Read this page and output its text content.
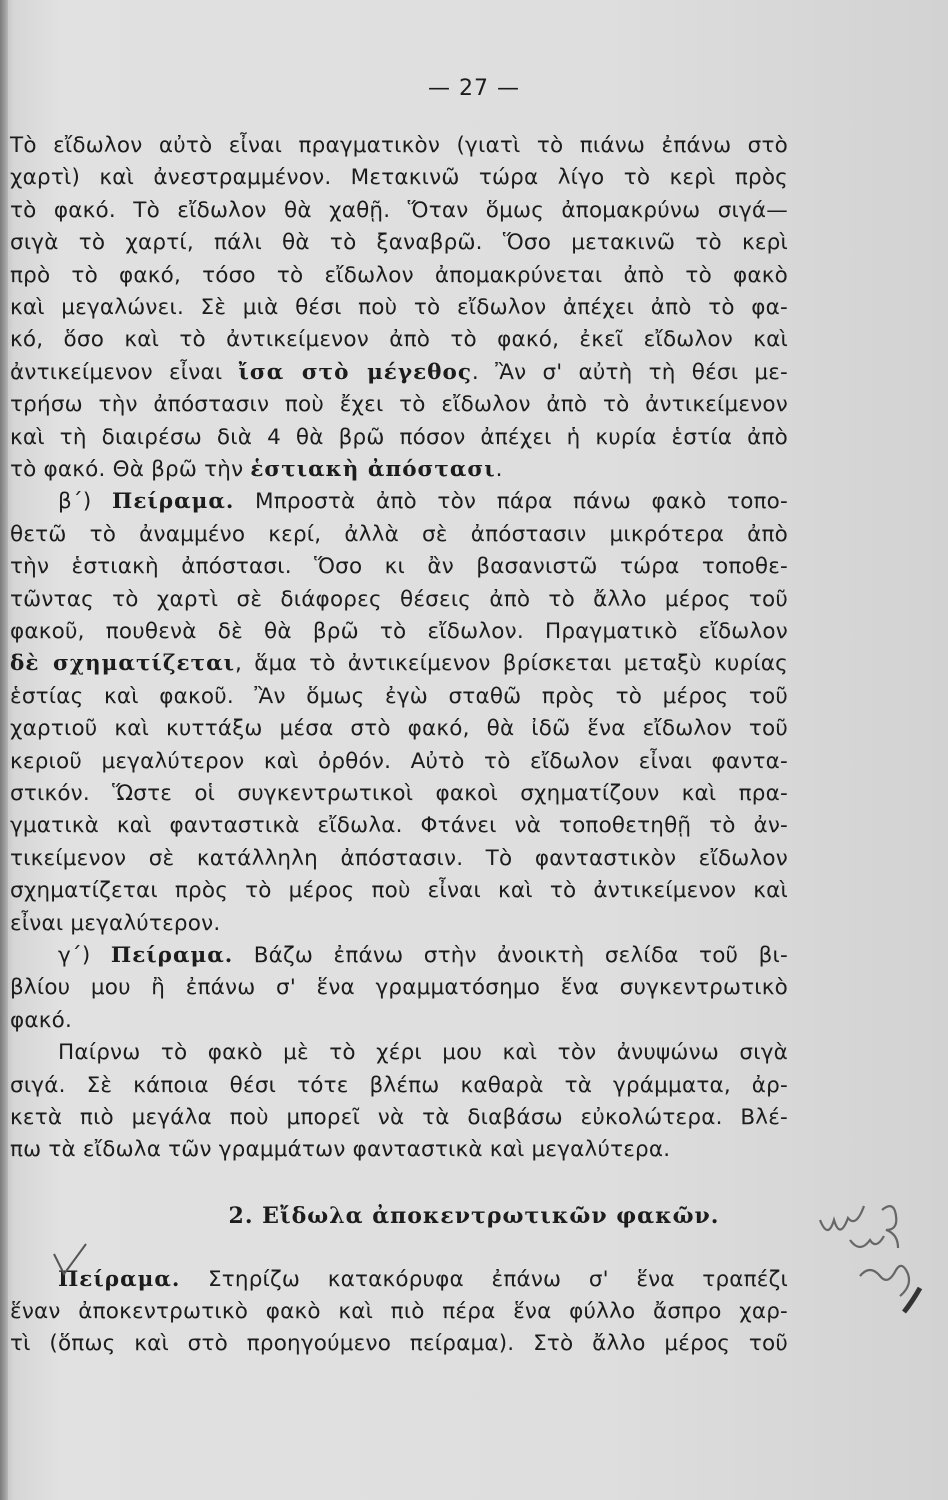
— 27 —
Τὸ εἴδωλον αὐτὸ εἶναι πραγματικὸν (γιατὶ τὸ πιάνω ἐπάνω στὸ
χαρτὶ) καὶ ἀνεστραμμένον. Μετακινῶ τώρα λίγο τὸ κερὶ πρὸς
τὸ φακό. Τὸ εἴδωλον θὰ χαθῇ. Ὅταν ὅμως ἀπομακρύνω σιγά—
σιγὰ τὸ χαρτί, πάλι θὰ τὸ ξαναβρῶ. Ὅσο μετακινῶ τὸ κερὶ
πρὸ τὸ φακό, τόσο τὸ εἴδωλον ἀπομακρύνεται ἀπὸ τὸ φακὸ
καὶ μεγαλώνει. Σὲ μιὰ θέσι ποὺ τὸ εἴδωλον ἀπέχει ἀπὸ τὸ φα-
κό, ὅσο καὶ τὸ ἀντικείμενον ἀπὸ τὸ φακό, ἐκεῖ εἴδωλον καὶ
ἀντικείμενον εἶναι ἴσα στὸ μέγεθος. Ἂν σ' αὐτὴ τὴ θέσι με-
τρήσω τὴν ἀπόστασιν ποὺ ἔχει τὸ εἴδωλον ἀπὸ τὸ ἀντικείμενον
καὶ τὴ διαιρέσω διὰ 4 θὰ βρῶ πόσον ἀπέχει ἡ κυρία ἑστία ἀπὸ
τὸ φακό. Θὰ βρῶ τὴν ἑστιακὴ ἀπόστασι.
β΄) Πείραμα. Μπροστὰ ἀπὸ τὸν πάρα πάνω φακὸ τοπο-
θετῶ τὸ ἀναμμένο κερί, ἀλλὰ σὲ ἀπόστασιν μικρότερα ἀπὸ
τὴν ἑστιακὴ ἀπόστασι. Ὅσο κι ἂν βασανιστῶ τώρα τοποθε-
τῶντας τὸ χαρτὶ σὲ διάφορες θέσεις ἀπὸ τὸ ἄλλο μέρος τοῦ
φακοῦ, πουθενὰ δὲ θὰ βρῶ τὸ εἴδωλον. Πραγματικὸ εἴδωλον
δὲ σχηματίζεται, ἅμα τὸ ἀντικείμενον βρίσκεται μεταξὺ κυρίας
ἑστίας καὶ φακοῦ. Ἂν ὅμως ἐγὼ σταθῶ πρὸς τὸ μέρος τοῦ
χαρτιοῦ καὶ κυττάξω μέσα στὸ φακό, θὰ ἰδῶ ἕνα εἴδωλον τοῦ
κεριοῦ μεγαλύτερον καὶ ὀρθόν. Αὐτὸ τὸ εἴδωλον εἶναι φαντα-
στικόν. Ὥστε οἱ συγκεντρωτικοὶ φακοὶ σχηματίζουν καὶ πρα-
γματικὰ καὶ φανταστικὰ εἴδωλα. Φτάνει νὰ τοποθετηθῇ τὸ ἀν-
τικείμενον σὲ κατάλληλη ἀπόστασιν. Τὸ φανταστικὸν εἴδωλον
σχηματίζεται πρὸς τὸ μέρος ποὺ εἶναι καὶ τὸ ἀντικείμενον καὶ
εἶναι μεγαλύτερον.
γ΄) Πείραμα. Βάζω ἐπάνω στὴν ἀνοικτὴ σελίδα τοῦ βι-
βλίου μου ἢ ἐπάνω σ' ἕνα γραμματόσημο ἕνα συγκεντρωτικὸ
φακό.
Παίρνω τὸ φακὸ μὲ τὸ χέρι μου καὶ τὸν ἀνυψώνω σιγὰ
σιγά. Σὲ κάποια θέσι τότε βλέπω καθαρὰ τὰ γράμματα, ἀρ-
κετὰ πιὸ μεγάλα ποὺ μπορεῖ νὰ τὰ διαβάσω εὐκολώτερα. Βλέ-
πω τὰ εἴδωλα τῶν γραμμάτων φανταστικὰ καὶ μεγαλύτερα.
2. Εἴδωλα ἀποκεντρωτικῶν φακῶν.
Πείραμα. Στηρίζω κατακόρυφα ἐπάνω σ' ἕνα τραπέζι
ἕναν ἀποκεντρωτικὸ φακὸ καὶ πιὸ πέρα ἕνα φύλλο ἄσπρο χαρ-
τὶ (ὅπως καὶ στὸ προηγούμενο πείραμα). Στὸ ἄλλο μέρος τοῦ
